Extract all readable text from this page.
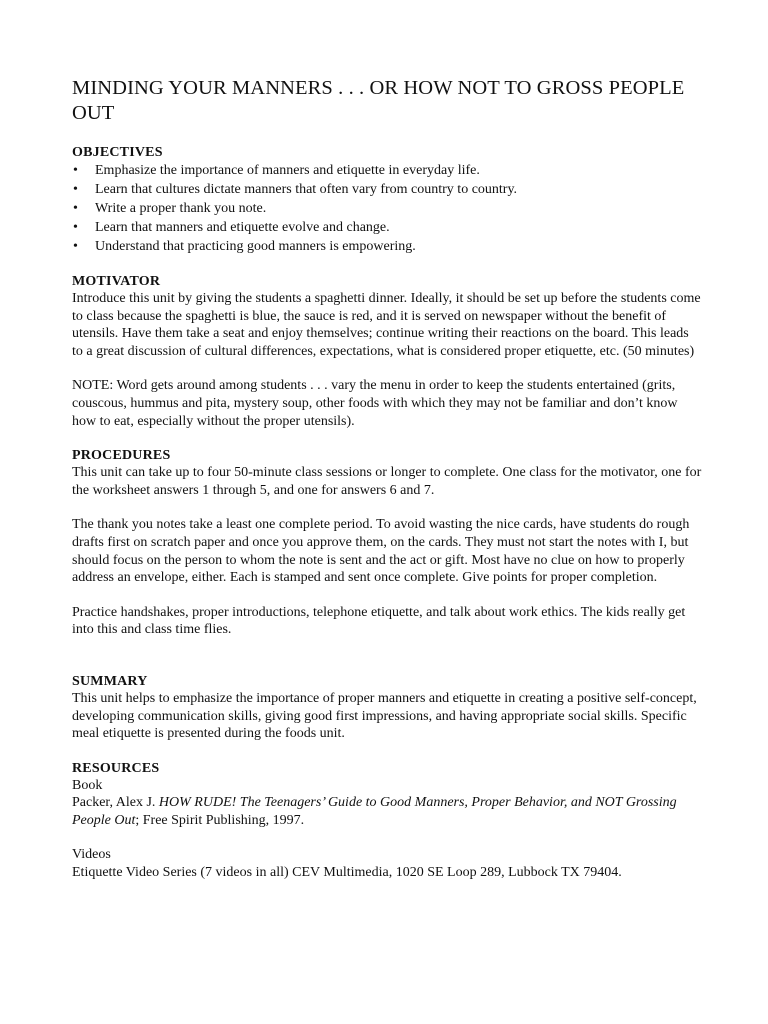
MINDING YOUR MANNERS . . . OR HOW NOT TO GROSS PEOPLE OUT
OBJECTIVES
• Emphasize the importance of manners and etiquette in everyday life.
• Learn that cultures dictate manners that often vary from country to country.
• Write a proper thank you note.
• Learn that manners and etiquette evolve and change.
• Understand that practicing good manners is empowering.
MOTIVATOR

Introduce this unit by giving the students a spaghetti dinner. Ideally, it should be set up before the students come to class because the spaghetti is blue, the sauce is red, and it is served on newspaper without the benefit of utensils. Have them take a seat and enjoy themselves; continue writing their reactions on the board. This leads to a great discussion of cultural differences, expectations, what is considered proper etiquette, etc. (50 minutes)

NOTE: Word gets around among students . . . vary the menu in order to keep the students entertained (grits, couscous, hummus and pita, mystery soup, other foods with which they may not be familiar and don’t know how to eat, especially without the proper utensils).

PROCEDURES

This unit can take up to four 50-minute class sessions or longer to complete. One class for the motivator, one for the worksheet answers 1 through 5, and one for answers 6 and 7.

The thank you notes take a least one complete period. To avoid wasting the nice cards, have students do rough drafts first on scratch paper and once you approve them, on the cards. They must not start the notes with I, but should focus on the person to whom the note is sent and the act or gift. Most have no clue on how to properly address an envelope, either. Each is stamped and sent once complete. Give points for proper completion.

Practice handshakes, proper introductions, telephone etiquette, and talk about work ethics. The kids really get into this and class time flies.

SUMMARY

This unit helps to emphasize the importance of proper manners and etiquette in creating a positive self-concept, developing communication skills, giving good first impressions, and having appropriate social skills. Specific meal etiquette is presented during the foods unit.

RESOURCES

Book

Packer, Alex J. HOW RUDE! The Teenagers’ Guide to Good Manners, Proper Behavior, and NOT Grossing People Out; Free Spirit Publishing, 1997.

Videos

Etiquette Video Series (7 videos in all) CEV Multimedia, 1020 SE Loop 289, Lubbock TX 79404.
